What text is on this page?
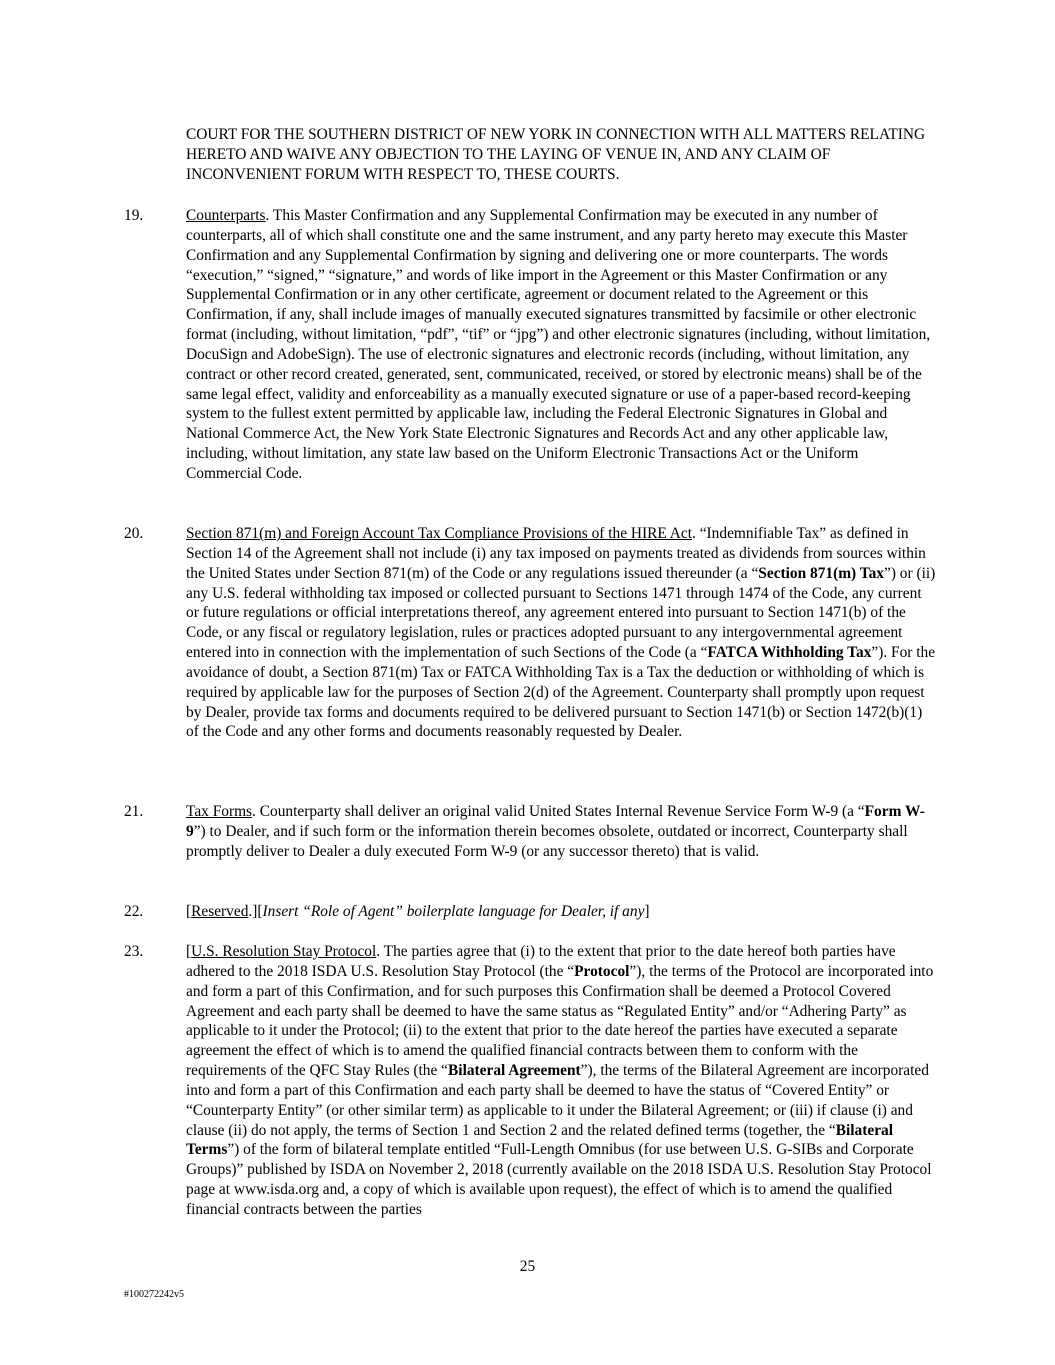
COURT FOR THE SOUTHERN DISTRICT OF NEW YORK IN CONNECTION WITH ALL MATTERS RELATING HERETO AND WAIVE ANY OBJECTION TO THE LAYING OF VENUE IN, AND ANY CLAIM OF INCONVENIENT FORUM WITH RESPECT TO, THESE COURTS.

19.	Counterparts. This Master Confirmation and any Supplemental Confirmation may be executed in any number of counterparts, all of which shall constitute one and the same instrument, and any party hereto may execute this Master Confirmation and any Supplemental Confirmation by signing and delivering one or more counterparts. The words “execution,” “signed,” “signature,” and words of like import in the Agreement or this Master Confirmation or any Supplemental Confirmation or in any other certificate, agreement or document related to the Agreement or this Confirmation, if any, shall include images of manually executed signatures transmitted by facsimile or other electronic format (including, without limitation, “pdf”, “tif” or “jpg”) and other electronic signatures (including, without limitation, DocuSign and AdobeSign). The use of electronic signatures and electronic records (including, without limitation, any contract or other record created, generated, sent, communicated, received, or stored by electronic means) shall be of the same legal effect, validity and enforceability as a manually executed signature or use of a paper-based record-keeping system to the fullest extent permitted by applicable law, including the Federal Electronic Signatures in Global and National Commerce Act, the New York State Electronic Signatures and Records Act and any other applicable law, including, without limitation, any state law based on the Uniform Electronic Transactions Act or the Uniform Commercial Code.

20.	Section 871(m) and Foreign Account Tax Compliance Provisions of the HIRE Act. “Indemnifiable Tax” as defined in Section 14 of the Agreement shall not include (i) any tax imposed on payments treated as dividends from sources within the United States under Section 871(m) of the Code or any regulations issued thereunder (a “Section 871(m) Tax”) or (ii) any U.S. federal withholding tax imposed or collected pursuant to Sections 1471 through 1474 of the Code, any current or future regulations or official interpretations thereof, any agreement entered into pursuant to Section 1471(b) of the Code, or any fiscal or regulatory legislation, rules or practices adopted pursuant to any intergovernmental agreement entered into in connection with the implementation of such Sections of the Code (a “FATCA Withholding Tax”). For the avoidance of doubt, a Section 871(m) Tax or FATCA Withholding Tax is a Tax the deduction or withholding of which is required by applicable law for the purposes of Section 2(d) of the Agreement. Counterparty shall promptly upon request by Dealer, provide tax forms and documents required to be delivered pursuant to Section 1471(b) or Section 1472(b)(1) of the Code and any other forms and documents reasonably requested by Dealer.

21.	Tax Forms. Counterparty shall deliver an original valid United States Internal Revenue Service Form W-9 (a “Form W-9”) to Dealer, and if such form or the information therein becomes obsolete, outdated or incorrect, Counterparty shall promptly deliver to Dealer a duly executed Form W-9 (or any successor thereto) that is valid.

22.	[Reserved.][Insert “Role of Agent” boilerplate language for Dealer, if any]

23.	[U.S. Resolution Stay Protocol. The parties agree that (i) to the extent that prior to the date hereof both parties have adhered to the 2018 ISDA U.S. Resolution Stay Protocol (the “Protocol”), the terms of the Protocol are incorporated into and form a part of this Confirmation, and for such purposes this Confirmation shall be deemed a Protocol Covered Agreement and each party shall be deemed to have the same status as “Regulated Entity” and/or “Adhering Party” as applicable to it under the Protocol; (ii) to the extent that prior to the date hereof the parties have executed a separate agreement the effect of which is to amend the qualified financial contracts between them to conform with the requirements of the QFC Stay Rules (the “Bilateral Agreement”), the terms of the Bilateral Agreement are incorporated into and form a part of this Confirmation and each party shall be deemed to have the status of “Covered Entity” or “Counterparty Entity” (or other similar term) as applicable to it under the Bilateral Agreement; or (iii) if clause (i) and clause (ii) do not apply, the terms of Section 1 and Section 2 and the related defined terms (together, the “Bilateral Terms”) of the form of bilateral template entitled “Full-Length Omnibus (for use between U.S. G-SIBs and Corporate Groups)” published by ISDA on November 2, 2018 (currently available on the 2018 ISDA U.S. Resolution Stay Protocol page at www.isda.org and, a copy of which is available upon request), the effect of which is to amend the qualified financial contracts between the parties

25
#100272242v5
